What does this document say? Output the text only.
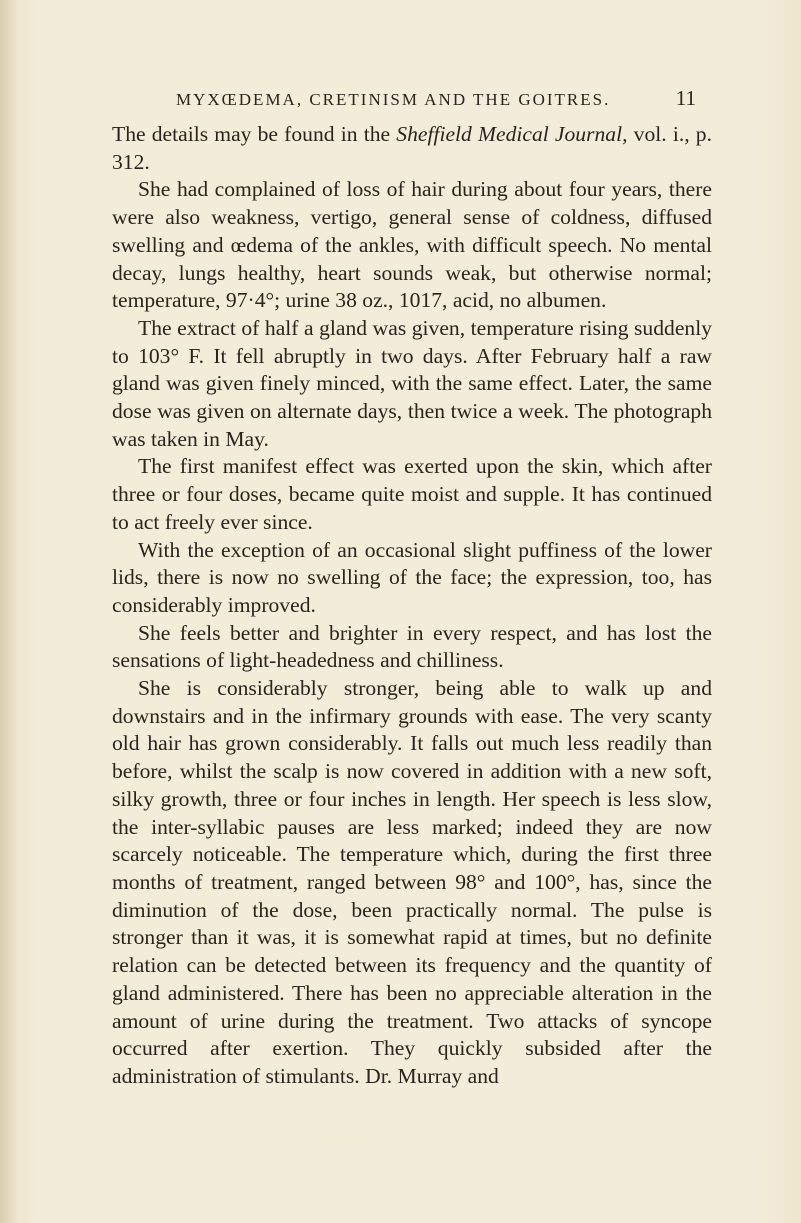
MYXŒDEMA, CRETINISM AND THE GOITRES.	11

The details may be found in the Sheffield Medical Journal, vol. i., p. 312.

She had complained of loss of hair during about four years, there were also weakness, vertigo, general sense of coldness, diffused swelling and œdema of the ankles, with difficult speech. No mental decay, lungs healthy, heart sounds weak, but otherwise normal; temperature, 97·4°; urine 38 oz., 1017, acid, no albumen.

The extract of half a gland was given, temperature rising suddenly to 103° F. It fell abruptly in two days. After February half a raw gland was given finely minced, with the same effect. Later, the same dose was given on alternate days, then twice a week. The photograph was taken in May.

The first manifest effect was exerted upon the skin, which after three or four doses, became quite moist and supple. It has continued to act freely ever since.

With the exception of an occasional slight puffiness of the lower lids, there is now no swelling of the face; the expression, too, has considerably improved.

She feels better and brighter in every respect, and has lost the sensations of light-headedness and chilliness.

She is considerably stronger, being able to walk up and downstairs and in the infirmary grounds with ease. The very scanty old hair has grown considerably. It falls out much less readily than before, whilst the scalp is now covered in addition with a new soft, silky growth, three or four inches in length. Her speech is less slow, the inter-syllabic pauses are less marked; indeed they are now scarcely noticeable. The temperature which, during the first three months of treatment, ranged between 98° and 100°, has, since the diminution of the dose, been practically normal. The pulse is stronger than it was, it is somewhat rapid at times, but no definite relation can be detected between its frequency and the quantity of gland administered. There has been no appreciable alteration in the amount of urine during the treatment. Two attacks of syncope occurred after exertion. They quickly subsided after the administration of stimulants. Dr. Murray and
